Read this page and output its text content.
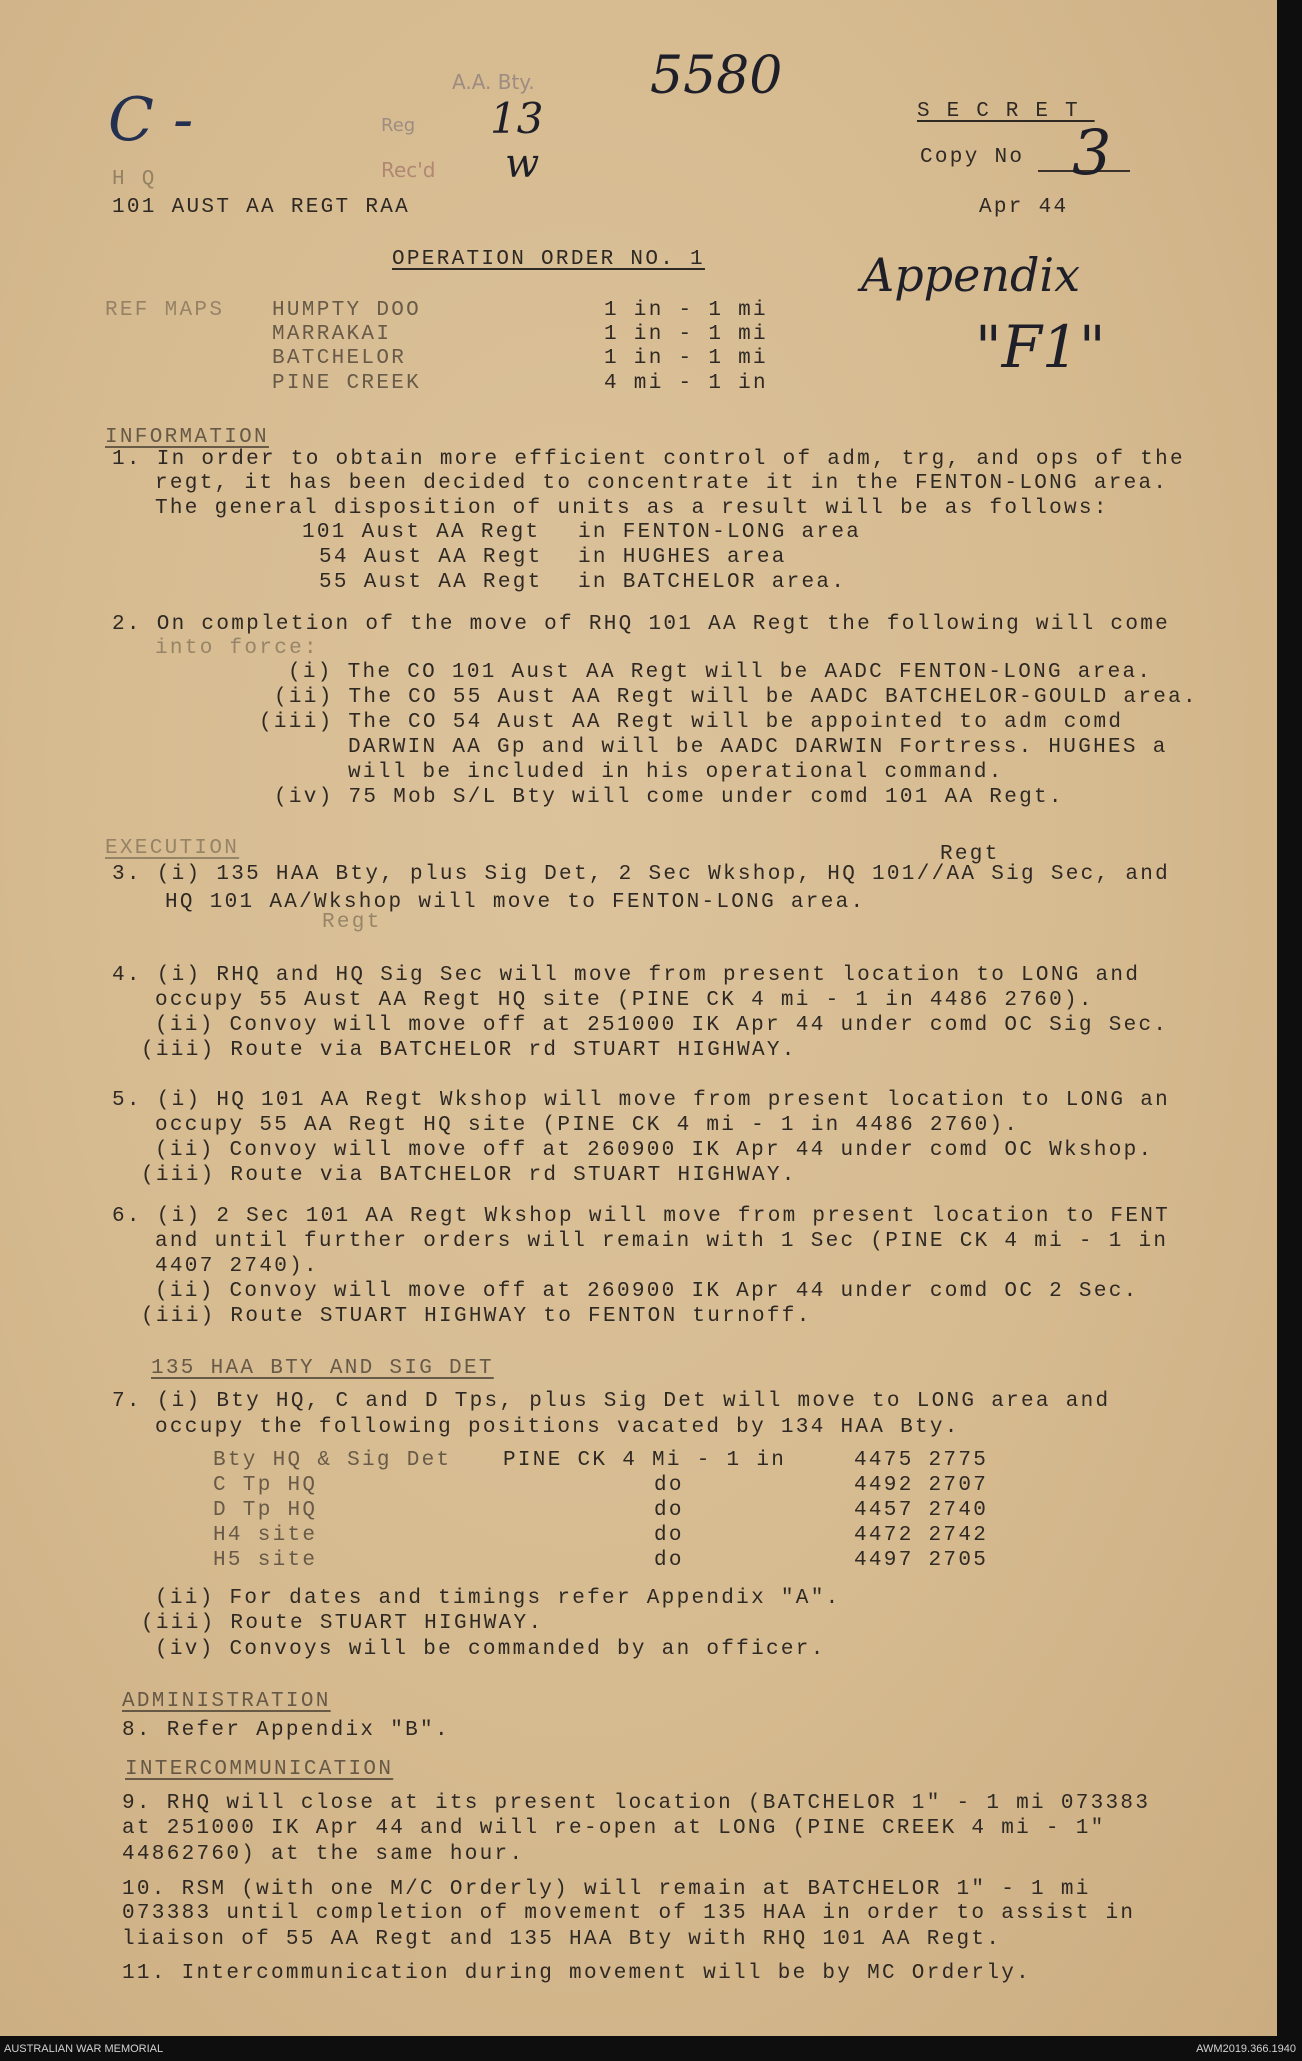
C -
5580
A.A. Bty.
Reg
Rec'd
13
w
SECRET
Copy No 3
H Q
101 AUST AA REGT RAA	Apr 44
OPERATION ORDER NO. 1	Appendix
"F1"
REF MAPS HUMPTY DOO	1 in - 1 mi
MARRAKAI	1 in - 1 mi
BATCHELOR	1 in - 1 mi
PINE CREEK	4 mi - 1 in
INFORMATION
1. In order to obtain more efficient control of adm, trg, and ops of the
regt, it has been decided to concentrate it in the FENTON-LONG area.
The general disposition of units as a result will be as follows:
101 Aust AA Regt in FENTON-LONG area
54 Aust AA Regt in HUGHES area
55 Aust AA Regt in BATCHELOR area.
2. On completion of the move of RHQ 101 AA Regt the following will come
into force:
(i) The CO 101 Aust AA Regt will be AADC FENTON-LONG area.
(ii) The CO 55 Aust AA Regt will be AADC BATCHELOR-GOULD area.
(iii) The CO 54 Aust AA Regt will be appointed to adm comd
DARWIN AA Gp and will be AADC DARWIN Fortress. HUGHES a
will be included in his operational command.
(iv) 75 Mob S/L Bty will come under comd 101 AA Regt.
EXECUTION	Regt
3. (i) 135 HAA Bty, plus Sig Det, 2 Sec Wkshop, HQ 101//AA Sig Sec, and
HQ 101 AA/Wkshop will move to FENTON-LONG area.
Regt
4. (i) RHQ and HQ Sig Sec will move from present location to LONG and
occupy 55 Aust AA Regt HQ site (PINE CK 4 mi - 1 in 4486 2760).
(ii) Convoy will move off at 251000 IK Apr 44 under comd OC Sig Sec.
(iii) Route via BATCHELOR rd STUART HIGHWAY.
5. (i) HQ 101 AA Regt Wkshop will move from present location to LONG an
occupy 55 AA Regt HQ site (PINE CK 4 mi - 1 in 4486 2760).
(ii) Convoy will move off at 260900 IK Apr 44 under comd OC Wkshop.
(iii) Route via BATCHELOR rd STUART HIGHWAY.
6. (i) 2 Sec 101 AA Regt Wkshop will move from present location to FENT
and until further orders will remain with 1 Sec (PINE CK 4 mi - 1 in
4407 2740).
(ii) Convoy will move off at 260900 IK Apr 44 under comd OC 2 Sec.
(iii) Route STUART HIGHWAY to FENTON turnoff.
135 HAA BTY AND SIG DET
7. (i) Bty HQ, C and D Tps, plus Sig Det will move to LONG area and
occupy the following positions vacated by 134 HAA Bty.
Bty HQ & Sig Det PINE CK 4 Mi - 1 in	4475 2775
C Tp HQ	do	4492 2707
D Tp HQ	do	4457 2740
H4 site	do	4472 2742
H5 site	do	4497 2705
(ii) For dates and timings refer Appendix "A".
(iii) Route STUART HIGHWAY.
(iv) Convoys will be commanded by an officer.
ADMINISTRATION
8. Refer Appendix "B".
INTERCOMMUNICATION
9. RHQ will close at its present location (BATCHELOR 1" - 1 mi 073383
at 251000 IK Apr 44 and will re-open at LONG (PINE CREEK 4 mi - 1"
44862760) at the same hour.
10. RSM (with one M/C Orderly) will remain at BATCHELOR 1" - 1 mi
073383 until completion of movement of 135 HAA in order to assist in
liaison of 55 AA Regt and 135 HAA Bty with RHQ 101 AA Regt.
11. Intercommunication during movement will be by MC Orderly.
AUSTRALIAN WAR MEMORIAL	AWM2019.366.1940
